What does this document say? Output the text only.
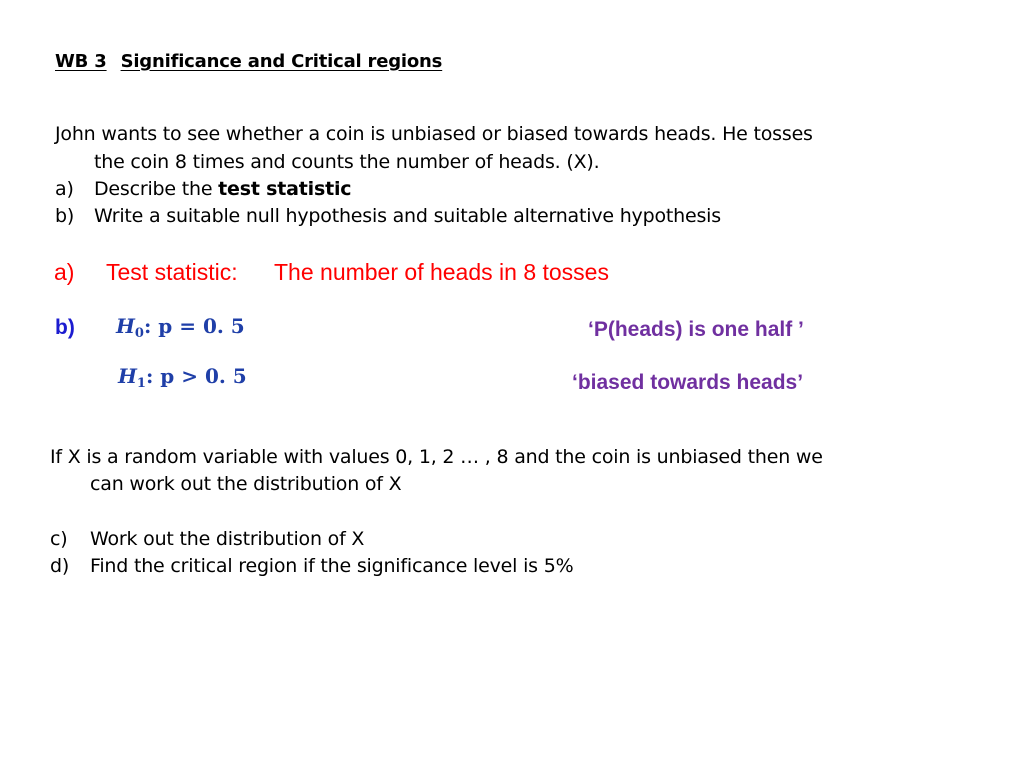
WB 3 Significance and Critical regions
John wants to see whether a coin is unbiased or biased towards heads. He tosses
the coin 8 times and counts the number of heads. (X).
a) Describe the test statistic
b) Write a suitable null hypothesis and suitable alternative hypothesis
a) Test statistic: The number of heads in 8 tosses
b) $H_0$: p = 0. 5
$H_1$: p > 0. 5
‘P(heads) is one half ’
‘biased towards heads’
If X is a random variable with values 0, 1, 2 … , 8 and the coin is unbiased then we
can work out the distribution of X
c) Work out the distribution of X
d) Find the critical region if the significance level is 5%
